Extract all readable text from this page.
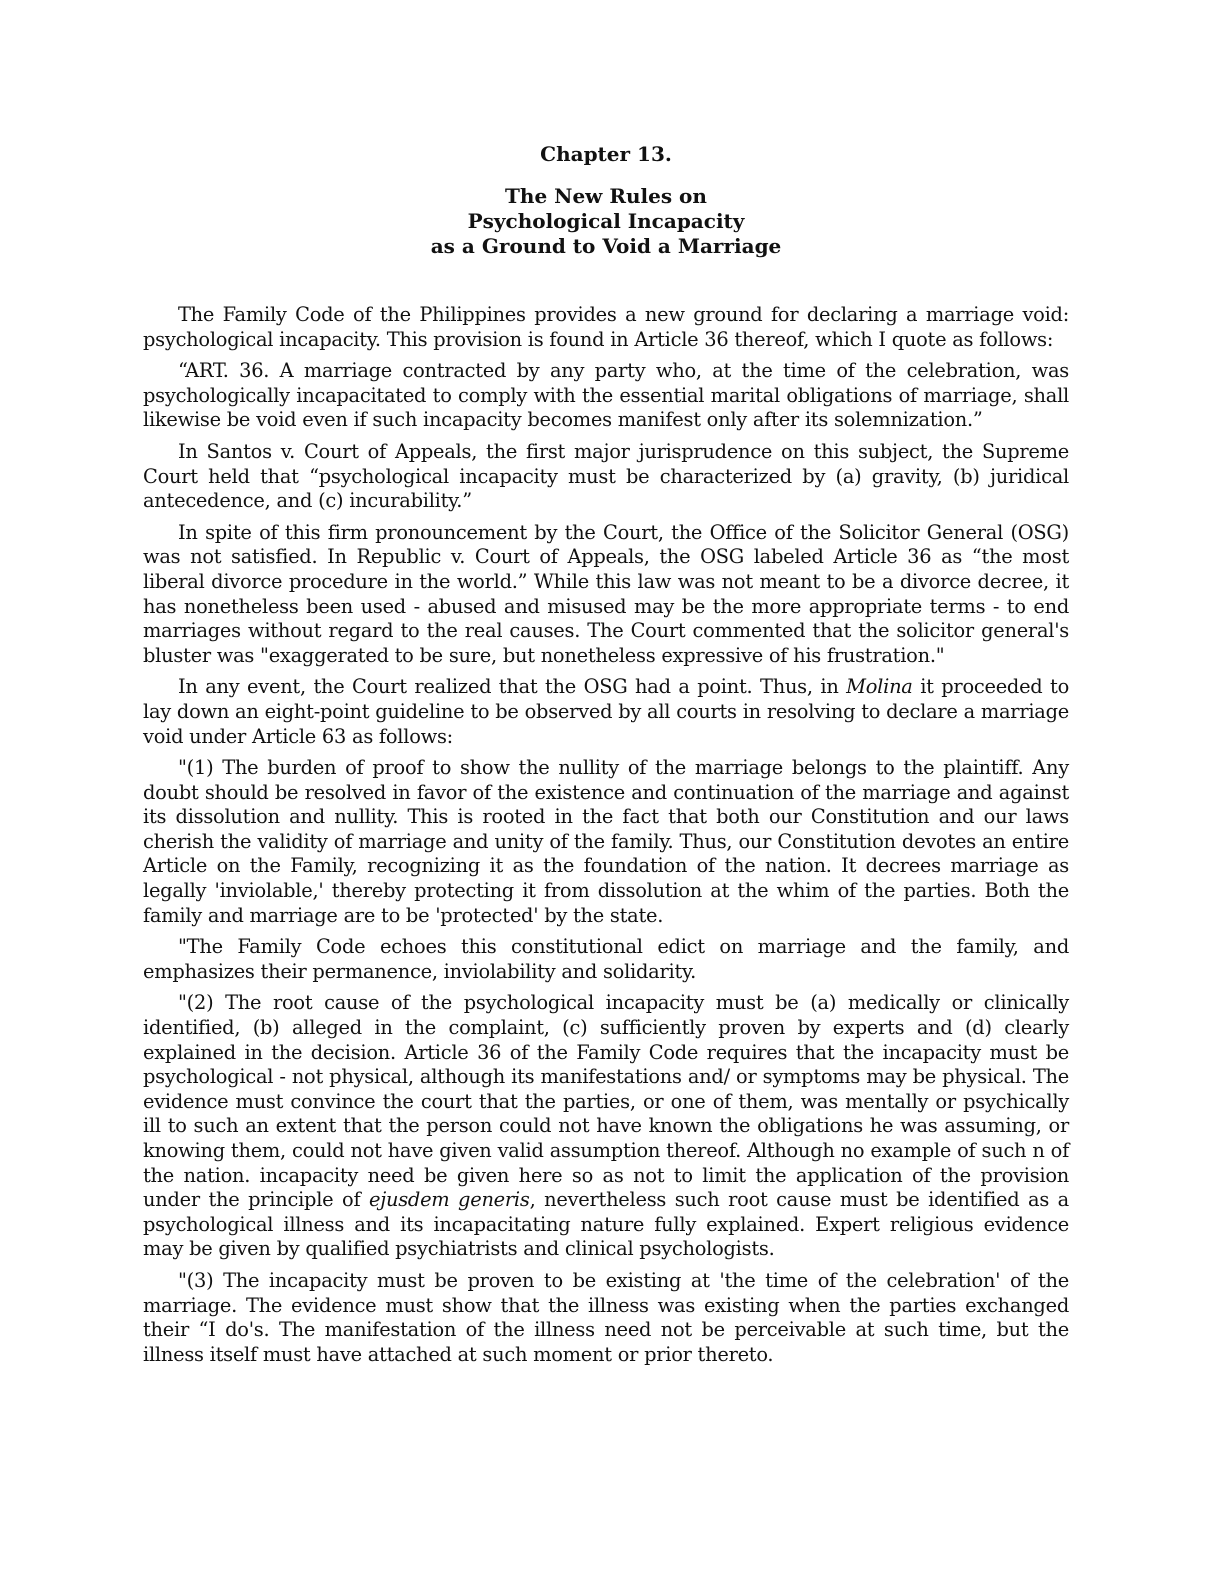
Chapter 13.
The New Rules on
Psychological Incapacity
as a Ground to Void a Marriage

The Family Code of the Philippines provides a new ground for declaring a marriage void: psychological incapacity. This provision is found in Article 36 thereof, which I quote as follows:

“ART. 36. A marriage contracted by any party who, at the time of the celebration, was psychologically incapacitated to comply with the essential marital obligations of marriage, shall likewise be void even if such incapacity becomes manifest only after its solemnization.”

In Santos v. Court of Appeals, the first major jurisprudence on this subject, the Supreme Court held that “psychological incapacity must be characterized by (a) gravity, (b) juridical antecedence, and (c) incurability.”

In spite of this firm pronouncement by the Court, the Office of the Solicitor General (OSG) was not satisfied. In Republic v. Court of Appeals, the OSG labeled Article 36 as “the most liberal divorce procedure in the world.” While this law was not meant to be a divorce decree, it has nonetheless been used - abused and misused may be the more appropriate terms - to end marriages without regard to the real causes. The Court commented that the solicitor general's bluster was "exaggerated to be sure, but nonetheless expressive of his frustration."

In any event, the Court realized that the OSG had a point. Thus, in Molina it proceeded to lay down an eight-point guideline to be observed by all courts in resolving to declare a marriage void under Article 63 as follows:

"(1) The burden of proof to show the nullity of the marriage belongs to the plaintiff. Any doubt should be resolved in favor of the existence and continuation of the marriage and against its dissolution and nullity. This is rooted in the fact that both our Constitution and our laws cherish the validity of marriage and unity of the family. Thus, our Constitution devotes an entire Article on the Family, recognizing it as the foundation of the nation. It decrees marriage as legally 'inviolable,' thereby protecting it from dissolution at the whim of the parties. Both the family and marriage are to be 'protected' by the state.

"The Family Code echoes this constitutional edict on marriage and the family, and emphasizes their permanence, inviolability and solidarity.

"(2) The root cause of the psychological incapacity must be (a) medically or clinically identified, (b) alleged in the complaint, (c) sufficiently proven by experts and (d) clearly explained in the decision. Article 36 of the Family Code requires that the incapacity must be psychological - not physical, although its manifestations and/ or symptoms may be physical. The evidence must convince the court that the parties, or one of them, was mentally or psychically ill to such an extent that the person could not have known the obligations he was assuming, or knowing them, could not have given valid assumption thereof. Although no example of such n of the nation. incapacity need be given here so as not to limit the application of the provision under the principle of ejusdem generis, nevertheless such root cause must be identified as a psychological illness and its incapacitating nature fully explained. Expert religious evidence may be given by qualified psychiatrists and clinical psychologists.

"(3) The incapacity must be proven to be existing at 'the time of the celebration' of the marriage. The evidence must show that the illness was existing when the parties exchanged their “I do's. The manifestation of the illness need not be perceivable at such time, but the illness itself must have attached at such moment or prior thereto.
